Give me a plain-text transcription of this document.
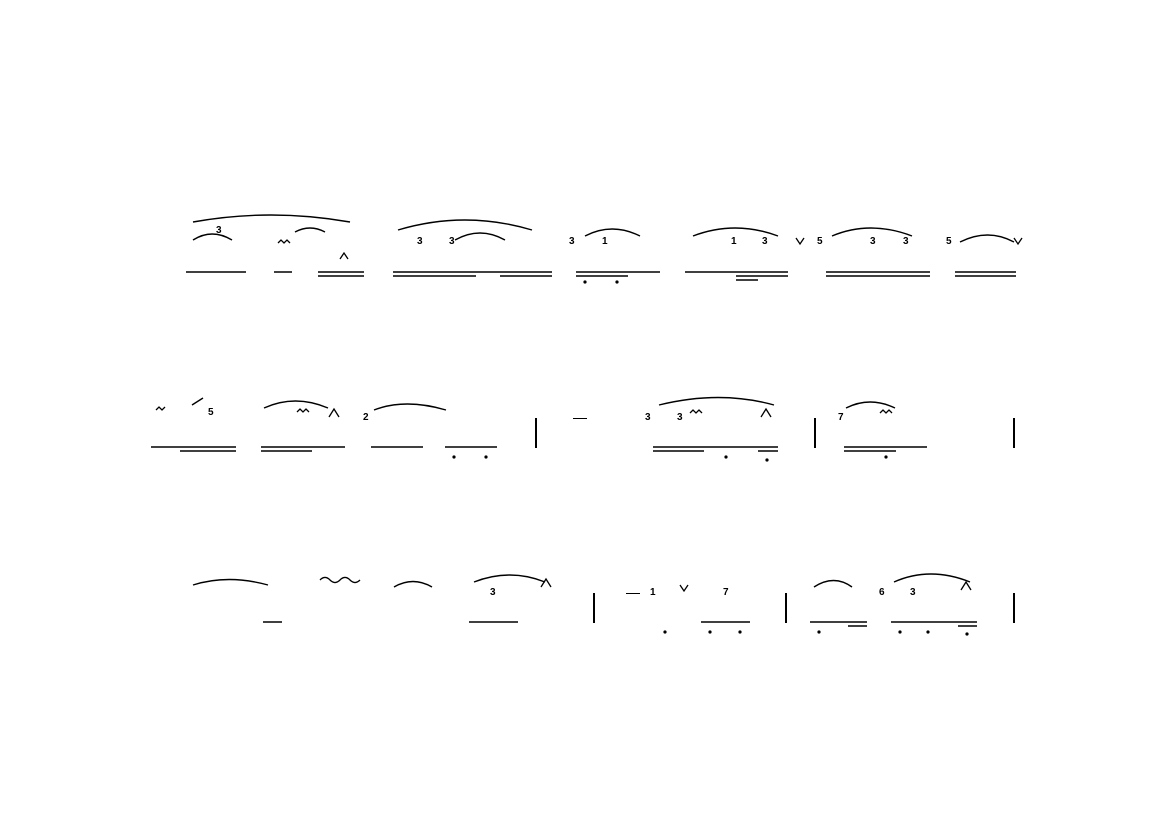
3
3	3	3	1	1	3	5	3	3	5
5	2	3	3	7
3	1	7	6	3
